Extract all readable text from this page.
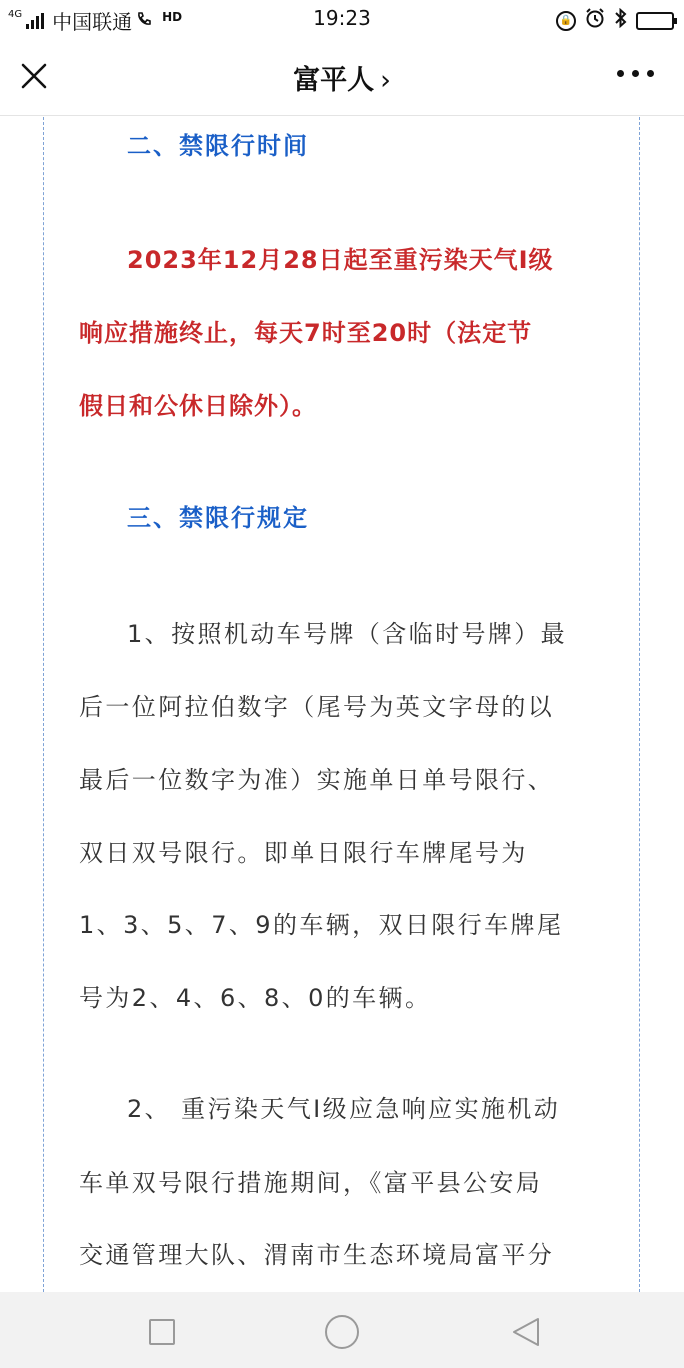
4G 中国联通	HD	19:23	🔒
富平人 ›
二、禁限行时间
2023年12月28日起至重污染天气I级
响应措施终止，每天7时至20时（法定节
假日和公休日除外）。
三、禁限行规定
1、按照机动车号牌（含临时号牌）最
后一位阿拉伯数字（尾号为英文字母的以
最后一位数字为准）实施单日单号限行、
双日双号限行。即单日限行车牌尾号为
1、3、5、7、9的车辆，双日限行车牌尾
号为2、4、6、8、0的车辆。
2、 重污染天气I级应急响应实施机动
车单双号限行措施期间，《富平县公安局
交通管理大队、渭南市生态环境局富平分
